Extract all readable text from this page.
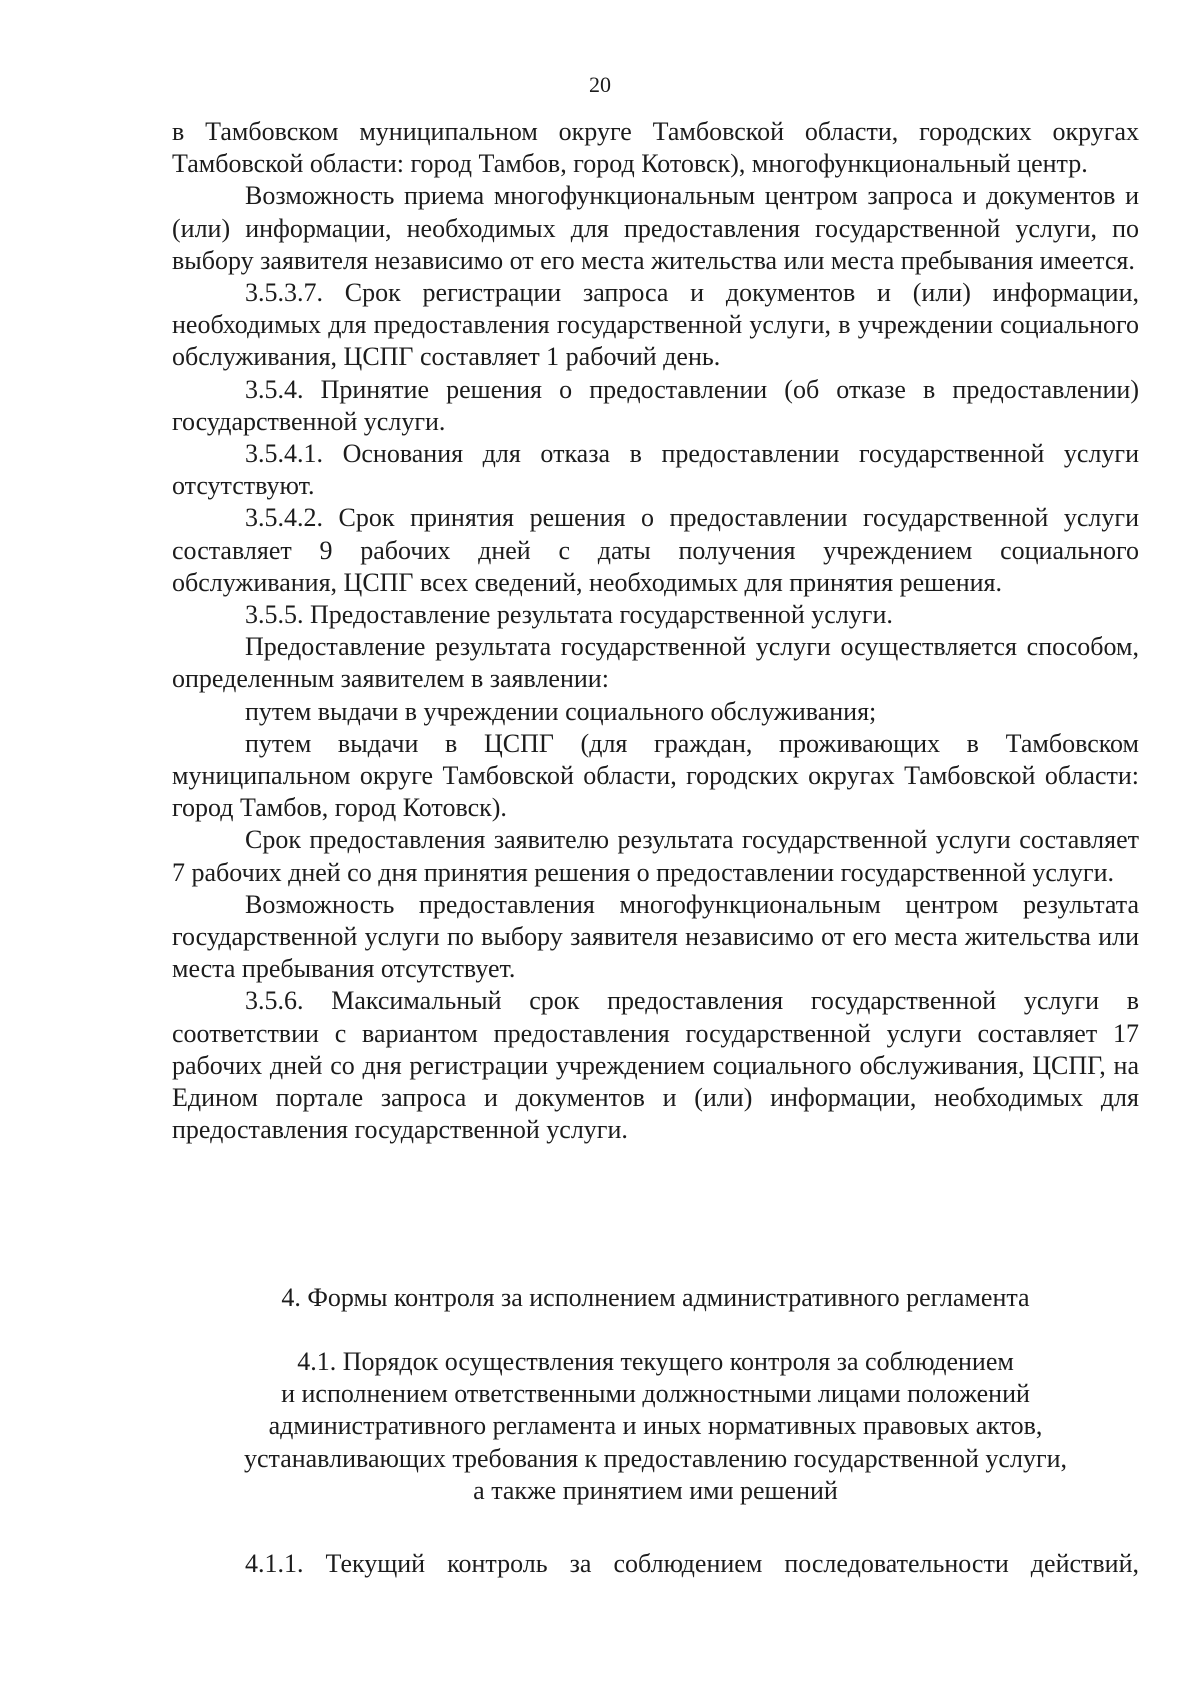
20

в Тамбовском муниципальном округе Тамбовской области, городских округах Тамбовской области: город Тамбов, город Котовск), многофункциональный центр.

Возможность приема многофункциональным центром запроса и документов и (или) информации, необходимых для предоставления государственной услуги, по выбору заявителя независимо от его места жительства или места пребывания имеется.

3.5.3.7. Срок регистрации запроса и документов и (или) информации, необходимых для предоставления государственной услуги, в учреждении социального обслуживания, ЦСПГ составляет 1 рабочий день.

3.5.4. Принятие решения о предоставлении (об отказе в предоставлении) государственной услуги.

3.5.4.1. Основания для отказа в предоставлении государственной услуги отсутствуют.

3.5.4.2. Срок принятия решения о предоставлении государственной услуги составляет 9 рабочих дней с даты получения учреждением социального обслуживания, ЦСПГ всех сведений, необходимых для принятия решения.

3.5.5. Предоставление результата государственной услуги.

Предоставление результата государственной услуги осуществляется способом, определенным заявителем в заявлении:

путем выдачи в учреждении социального обслуживания;

путем выдачи в ЦСПГ (для граждан, проживающих в Тамбовском муниципальном округе Тамбовской области, городских округах Тамбовской области: город Тамбов, город Котовск).

Срок предоставления заявителю результата государственной услуги составляет 7 рабочих дней со дня принятия решения о предоставлении государственной услуги.

Возможность предоставления многофункциональным центром результата государственной услуги по выбору заявителя независимо от его места жительства или места пребывания отсутствует.

3.5.6. Максимальный срок предоставления государственной услуги в соответствии с вариантом предоставления государственной услуги составляет 17 рабочих дней со дня регистрации учреждением социального обслуживания, ЦСПГ, на Едином портале запроса и документов и (или) информации, необходимых для предоставления государственной услуги.

4. Формы контроля за исполнением административного регламента
4.1. Порядок осуществления текущего контроля за соблюдением
и исполнением ответственными должностными лицами положений
административного регламента и иных нормативных правовых актов,
устанавливающих требования к предоставлению государственной услуги,
а также принятием ими решений

4.1.1. Текущий контроль за соблюдением последовательности действий,
